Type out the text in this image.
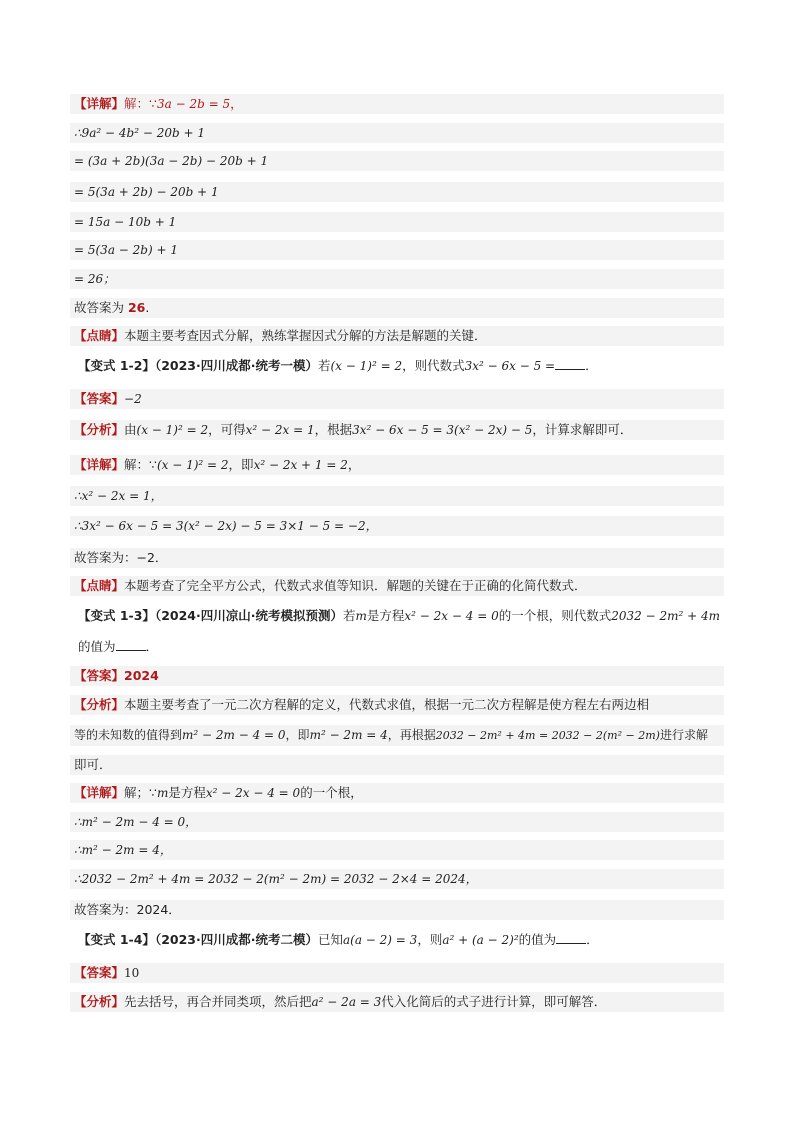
【详解】解：∵3a − 2b = 5，
∴9a² − 4b² − 20b + 1
= (3a + 2b)(3a − 2b) − 20b + 1
= 5(3a + 2b) − 20b + 1
= 15a − 10b + 1
= 5(3a − 2b) + 1
= 26；
故答案为 26.
【点睛】本题主要考查因式分解，熟练掌握因式分解的方法是解题的关键．
【变式 1-2】（2023·四川成都·统考一模）若(x − 1)² = 2，则代数式3x² − 6x − 5 = ．
【答案】−2
【分析】由(x − 1)² = 2，可得x² − 2x = 1，根据3x² − 6x − 5 = 3(x² − 2x) − 5，计算求解即可．
【详解】解：∵(x − 1)² = 2，即x² − 2x + 1 = 2，
∴x² − 2x = 1，
∴3x² − 6x − 5 = 3(x² − 2x) − 5 = 3×1 − 5 = −2，
故答案为：−2．
【点睛】本题考查了完全平方公式，代数式求值等知识．解题的关键在于正确的化简代数式．
【变式 1-3】（2024·四川凉山·统考模拟预测）若m是方程x² − 2x − 4 = 0的一个根，则代数式2032 − 2m² + 4m
的值为 ．
【答案】2024
【分析】本题主要考查了一元二次方程解的定义，代数式求值，根据一元二次方程解是使方程左右两边相
等的未知数的值得到m² − 2m − 4 = 0，即m² − 2m = 4，再根据2032 − 2m² + 4m = 2032 − 2(m² − 2m)进行求解
即可．
【详解】解；∵m是方程x² − 2x − 4 = 0的一个根，
∴m² − 2m − 4 = 0，
∴m² − 2m = 4，
∴2032 − 2m² + 4m = 2032 − 2(m² − 2m) = 2032 − 2×4 = 2024，
故答案为：2024．
【变式 1-4】（2023·四川成都·统考二模）已知a(a − 2) = 3，则a² + (a − 2)²的值为 ．
【答案】10
【分析】先去括号，再合并同类项，然后把a² − 2a = 3代入化简后的式子进行计算，即可解答．
